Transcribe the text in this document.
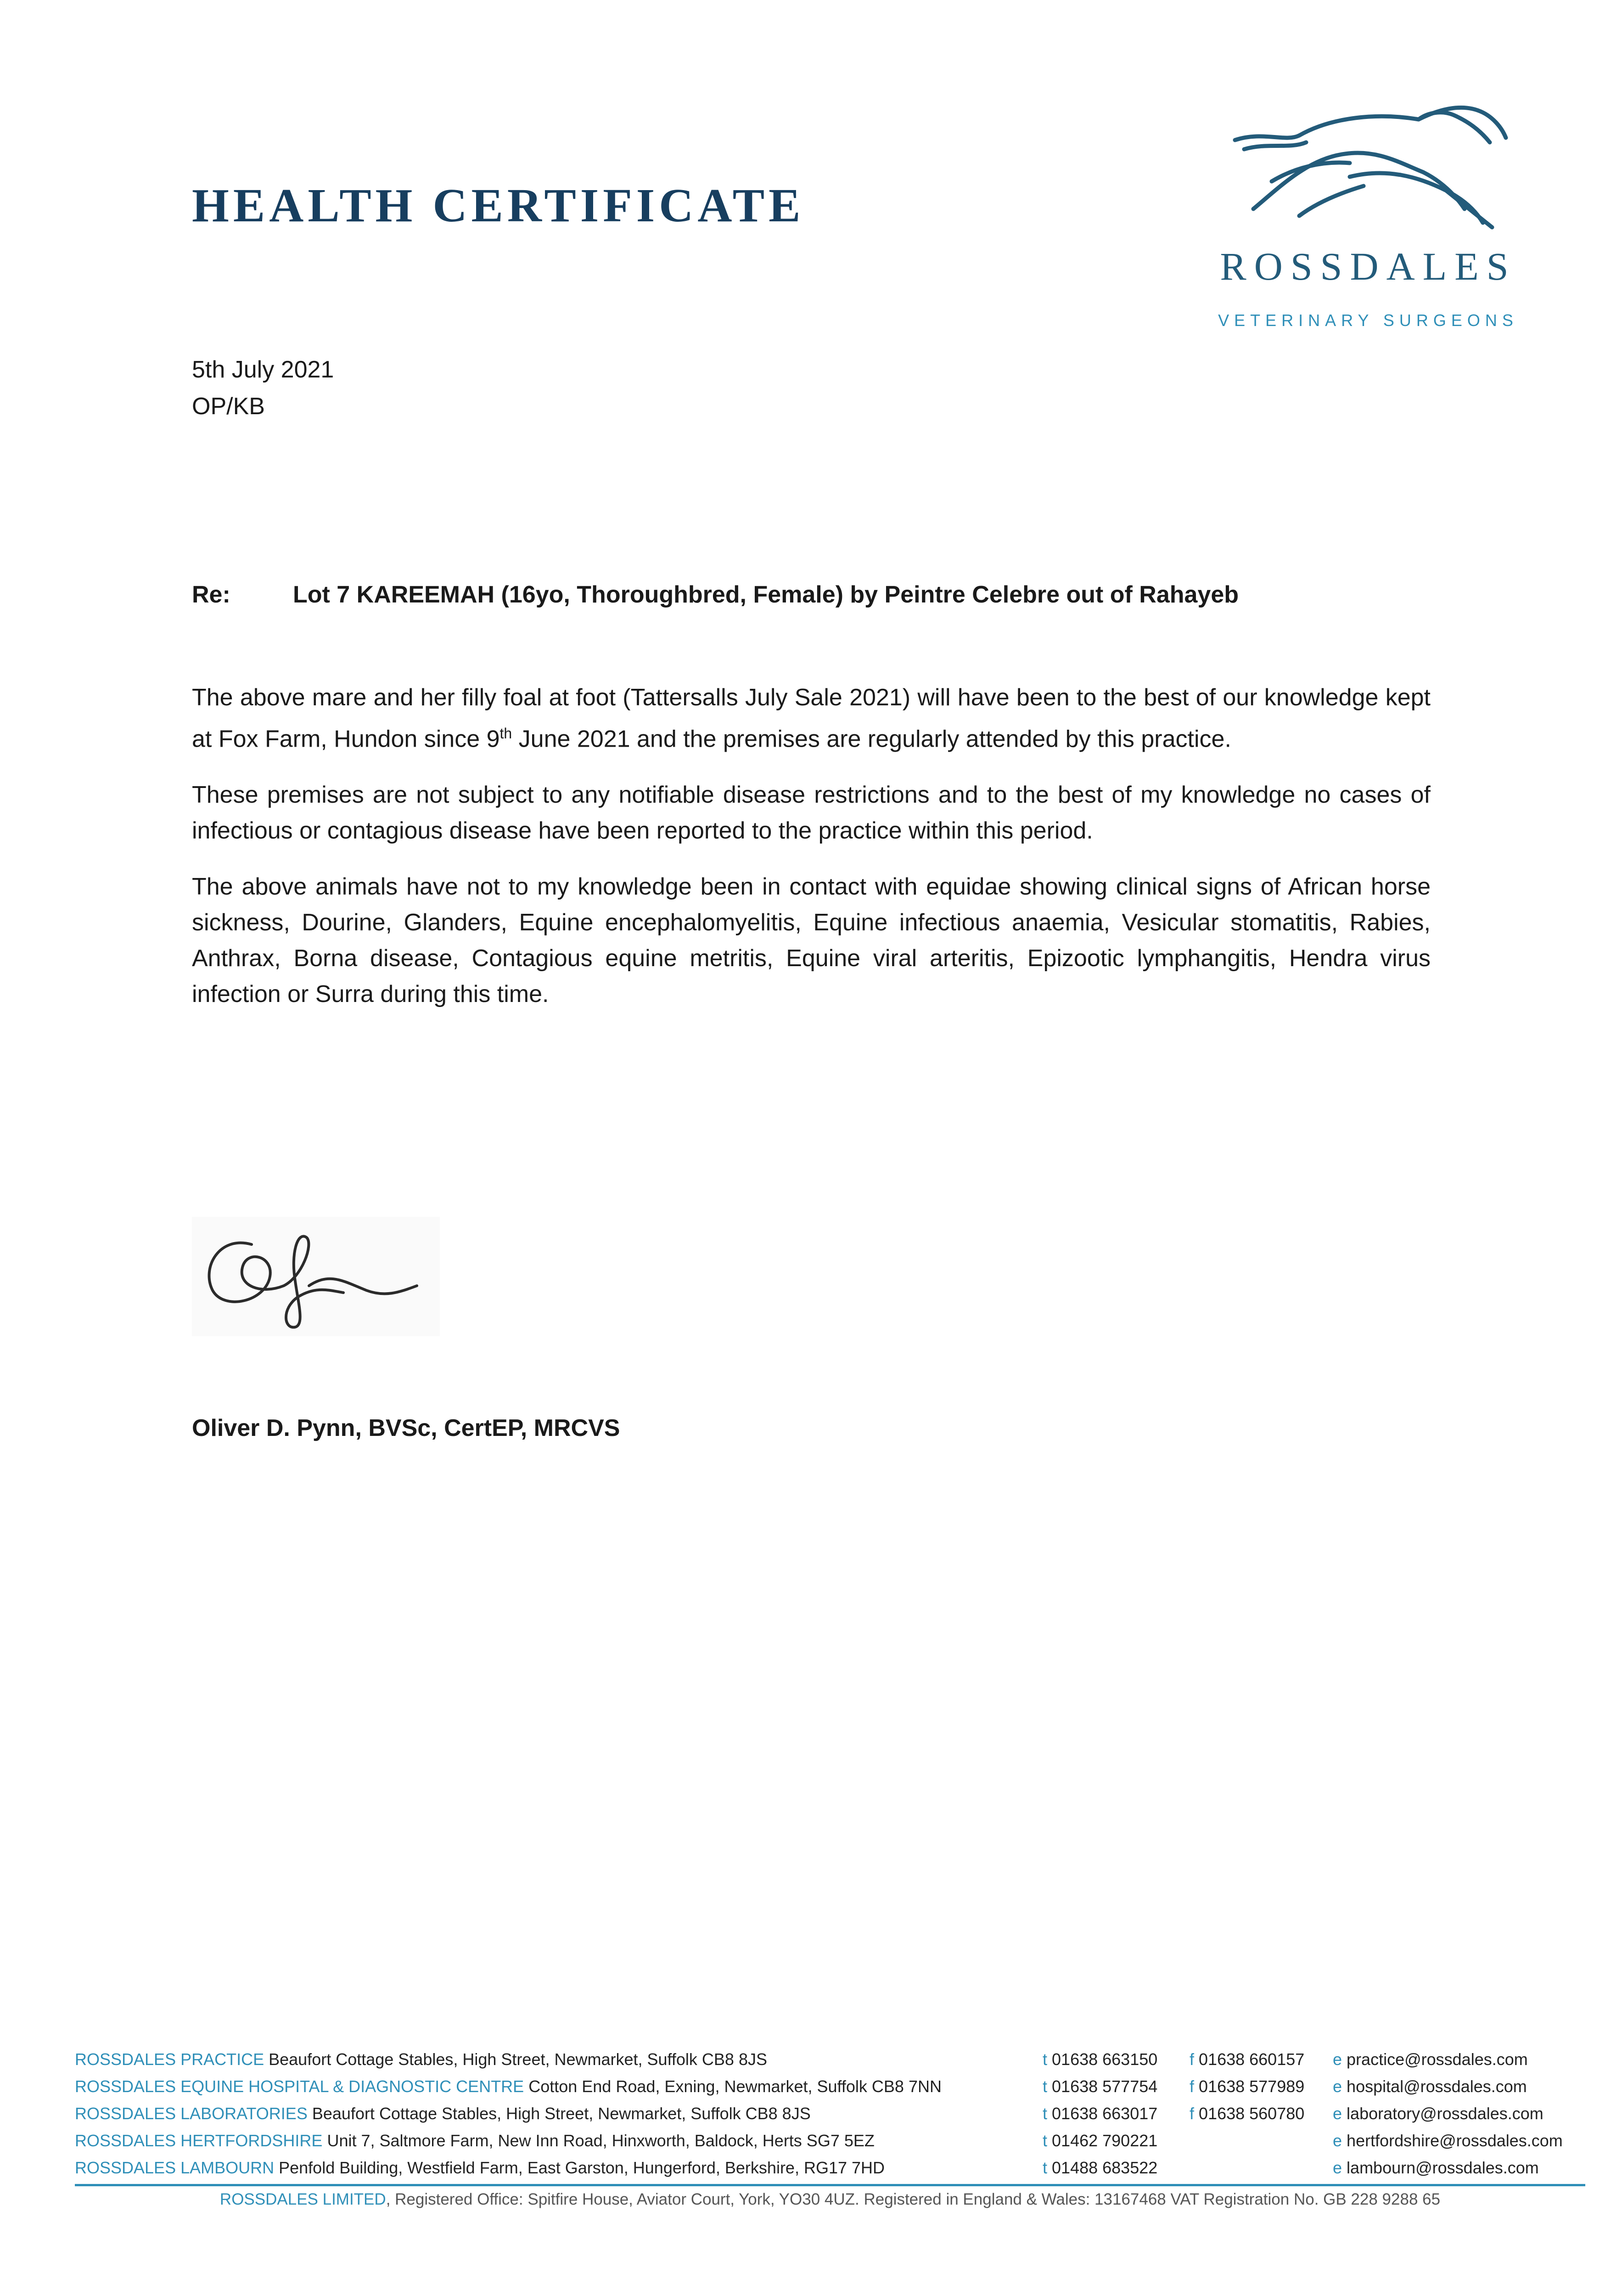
HEALTH CERTIFICATE
ROSSDALES
VETERINARY SURGEONS
5th July 2021
OP/KB
Re:	Lot 7 KAREEMAH (16yo, Thoroughbred, Female) by Peintre Celebre out of Rahayeb

The above mare and her filly foal at foot (Tattersalls July Sale 2021) will have been to the best of our knowledge kept at Fox Farm, Hundon since 9th June 2021 and the premises are regularly attended by this practice.

These premises are not subject to any notifiable disease restrictions and to the best of my knowledge no cases of infectious or contagious disease have been reported to the practice within this period.

The above animals have not to my knowledge been in contact with equidae showing clinical signs of African horse sickness, Dourine, Glanders, Equine encephalomyelitis, Equine infectious anaemia, Vesicular stomatitis, Rabies, Anthrax, Borna disease, Contagious equine metritis, Equine viral arteritis, Epizootic lymphangitis, Hendra virus infection or Surra during this time.

Oliver D. Pynn, BVSc, CertEP, MRCVS
ROSSDALES PRACTICE Beaufort Cottage Stables, High Street, Newmarket, Suffolk CB8 8JS	t 01638 663150 f 01638 660157 e practice@rossdales.com
ROSSDALES EQUINE HOSPITAL & DIAGNOSTIC CENTRE Cotton End Road, Exning, Newmarket, Suffolk CB8 7NN	t 01638 577754 f 01638 577989 e hospital@rossdales.com
ROSSDALES LABORATORIES Beaufort Cottage Stables, High Street, Newmarket, Suffolk CB8 8JS	t 01638 663017 f 01638 560780 e laboratory@rossdales.com
ROSSDALES HERTFORDSHIRE Unit 7, Saltmore Farm, New Inn Road, Hinxworth, Baldock, Herts SG7 5EZ	t 01462 790221	e hertfordshire@rossdales.com
ROSSDALES LAMBOURN Penfold Building, Westfield Farm, East Garston, Hungerford, Berkshire, RG17 7HD	t 01488 683522	e lambourn@rossdales.com
ROSSDALES LIMITED, Registered Office: Spitfire House, Aviator Court, York, YO30 4UZ. Registered in England & Wales: 13167468 VAT Registration No. GB 228 9288 65
